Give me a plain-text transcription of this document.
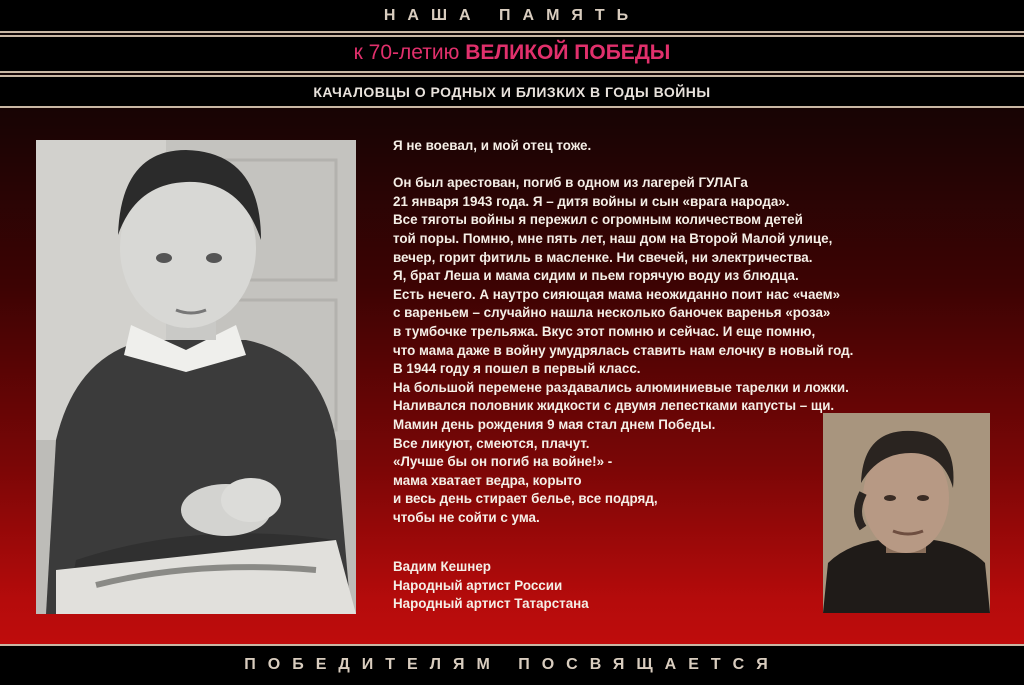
НАША ПАМЯТЬ
к 70-летию ВЕЛИКОЙ ПОБЕДЫ
КАЧАЛОВЦЫ О РОДНЫХ И БЛИЗКИХ В ГОДЫ ВОЙНЫ

Я не воевал, и мой отец тоже.

Он был арестован, погиб в одном из лагерей ГУЛАГа

21 января 1943 года. Я – дитя войны и сын «врага народа».

Все тяготы войны я пережил с огромным количеством детей

той поры. Помню, мне пять лет, наш дом на Второй Малой улице,

вечер, горит фитиль в масленке. Ни свечей, ни электричества.

Я, брат Леша и мама сидим и пьем горячую воду из блюдца.

Есть нечего. А наутро сияющая мама неожиданно поит нас «чаем»

с вареньем – случайно нашла несколько баночек варенья «роза»

в тумбочке трельяжа. Вкус этот помню и сейчас. И еще помню,

что мама даже в войну умудрялась ставить нам елочку в новый год.

В 1944 году я пошел в первый класс.

На большой перемене раздавались алюминиевые тарелки и ложки.

Наливался половник жидкости с двумя лепестками капусты – щи.

Мамин день рождения 9 мая стал днем Победы.

Все ликуют, смеются, плачут.

«Лучше бы он погиб на войне!» -

мама хватает ведра, корыто

и весь день стирает белье, все подряд,

чтобы не сойти с ума.

Вадим Кешнер

Народный артист России

Народный артист Татарстана

ПОБЕДИТЕЛЯМ ПОСВЯЩАЕТСЯ
